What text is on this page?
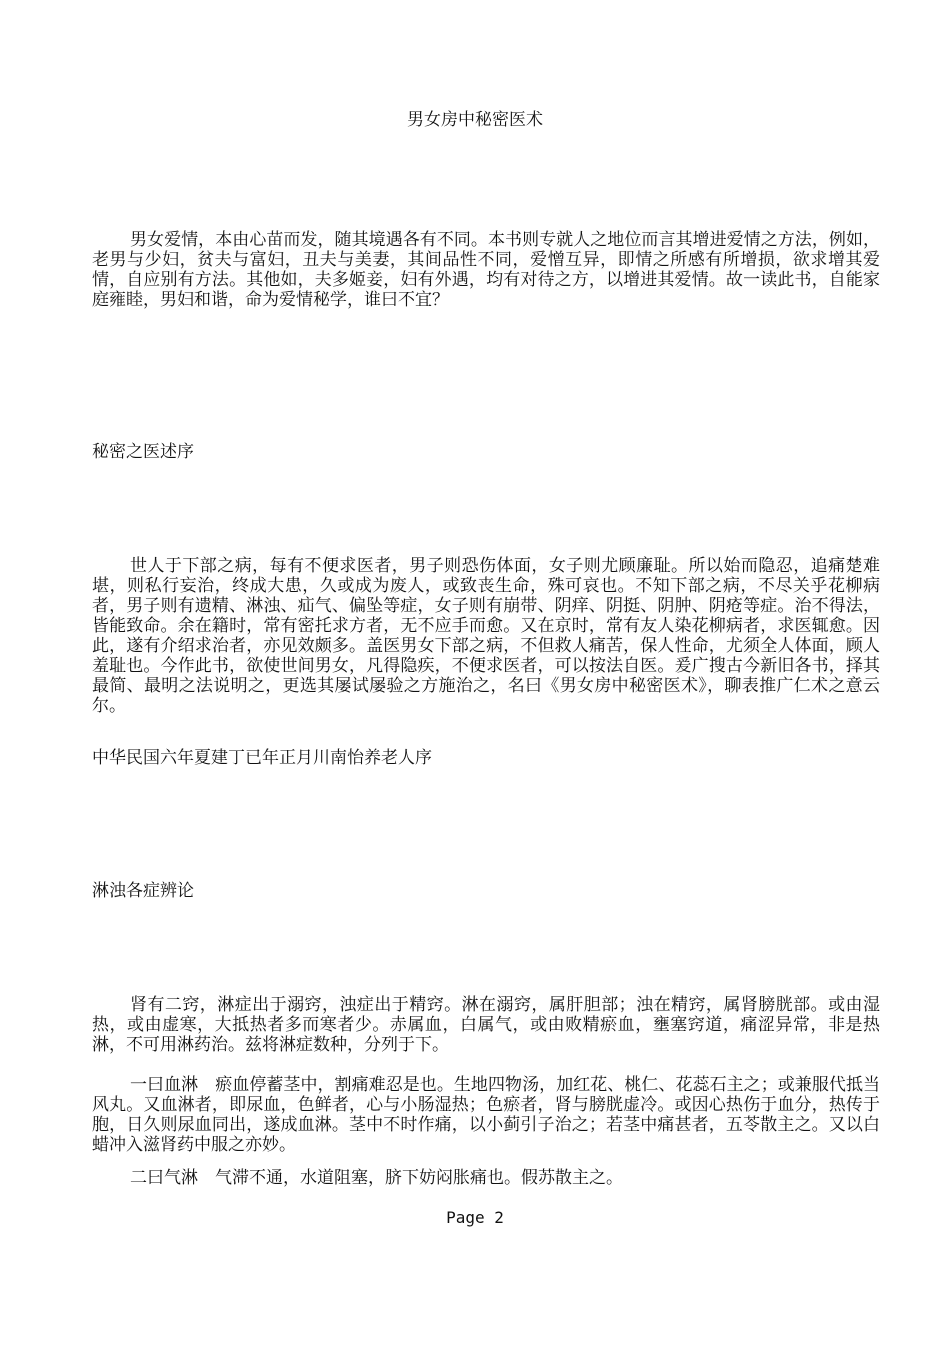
男女房中秘密医术

男女爱情，本由心苗而发，随其境遇各有不同。本书则专就人之地位而言其增进爱情之方法，例如，老男与少妇，贫夫与富妇，丑夫与美妻，其间品性不同，爱憎互异，即情之所感有所增损，欲求增其爱情，自应别有方法。其他如，夫多姬妾，妇有外遇，均有对待之方，以增进其爱情。故一读此书，自能家庭雍睦，男妇和谐，命为爱情秘学，谁曰不宜？

秘密之医述序

世人于下部之病，每有不便求医者，男子则恐伤体面，女子则尤顾廉耻。所以始而隐忍，追痛楚难堪，则私行妄治，终成大患，久或成为废人，或致丧生命，殊可哀也。不知下部之病，不尽关乎花柳病者，男子则有遗精、淋浊、疝气、偏坠等症，女子则有崩带、阴痒、阴挺、阴肿、阴疮等症。治不得法，皆能致命。余在籍时，常有密托求方者，无不应手而愈。又在京时，常有友人染花柳病者，求医辄愈。因此，遂有介绍求治者，亦见效颇多。盖医男女下部之病，不但救人痛苦，保人性命，尤须全人体面，顾人羞耻也。今作此书，欲使世间男女，凡得隐疾，不便求医者，可以按法自医。爰广搜古今新旧各书，择其最简、最明之法说明之，更选其屡试屡验之方施治之，名曰《男女房中秘密医术》，聊表推广仁术之意云尔。

中华民国六年夏建丁已年正月川南怡养老人序

淋浊各症辨论

肾有二窍，淋症出于溺窍，浊症出于精窍。淋在溺窍，属肝胆部；浊在精窍，属肾膀胱部。或由湿热，或由虚寒，大抵热者多而寒者少。赤属血，白属气，或由败精瘀血，壅塞窍道，痛涩异常，非是热淋，不可用淋药治。兹将淋症数种，分列于下。

一曰血淋　瘀血停蓄茎中，割痛难忍是也。生地四物汤，加红花、桃仁、花蕊石主之；或兼服代抵当风丸。又血淋者，即尿血，色鲜者，心与小肠湿热；色瘀者，肾与膀胱虚冷。或因心热伤于血分，热传于胞，日久则尿血同出，遂成血淋。茎中不时作痛，以小蓟引子治之；若茎中痛甚者，五苓散主之。又以白蜡冲入滋肾药中服之亦妙。

二曰气淋　气滞不通，水道阻塞，脐下妨闷胀痛也。假苏散主之。

Page 2
